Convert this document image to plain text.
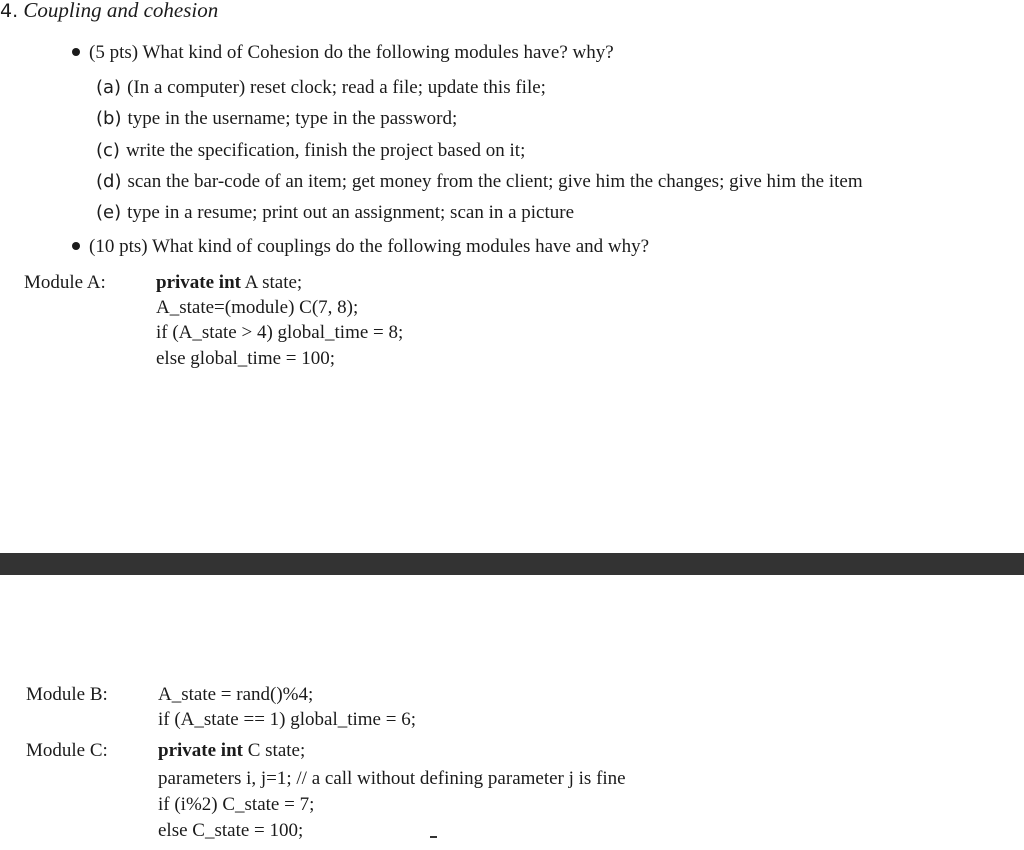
4. Coupling and cohesion
(5 pts) What kind of Cohesion do the following modules have? why?
(a) (In a computer) reset clock; read a file; update this file;
(b) type in the username; type in the password;
(c) write the specification, finish the project based on it;
(d) scan the bar-code of an item; get money from the client; give him the changes; give him the item
(e) type in a resume; print out an assignment; scan in a picture
(10 pts) What kind of couplings do the following modules have and why?
Module A:	private int A state;
A_state=(module) C(7, 8);
if (A_state > 4) global_time = 8;
else global_time = 100;
Module B:	A_state = rand()%4;
if (A_state == 1) global_time = 6;
Module C:	private int C state;
parameters i, j=1; // a call without defining parameter j is fine
if (i%2) C_state = 7;
else C_state = 100;
